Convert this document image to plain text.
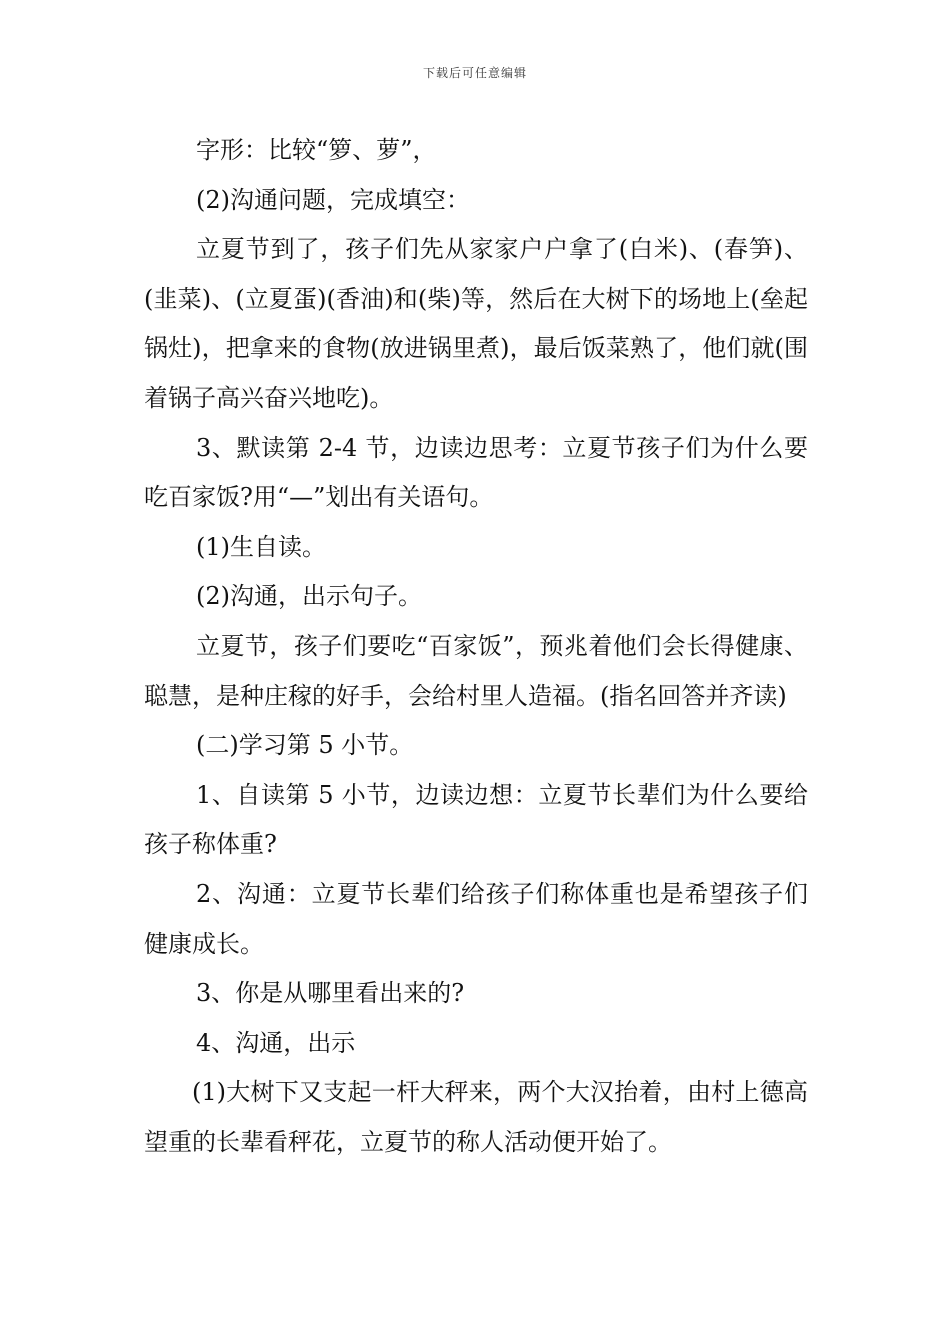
下载后可任意编辑

字形：比较“箩、萝”，

(2)沟通问题，完成填空：

立夏节到了，孩子们先从家家户户拿了(白米)、(春笋)、(韭菜)、(立夏蛋)(香油)和(柴)等，然后在大树下的场地上(垒起锅灶)，把拿来的食物(放进锅里煮)，最后饭菜熟了，他们就(围着锅子高兴奋兴地吃)。

3、默读第 2-4 节，边读边思考：立夏节孩子们为什么要吃百家饭?用“—”划出有关语句。

(1)生自读。

(2)沟通，出示句子。

立夏节，孩子们要吃“百家饭”，预兆着他们会长得健康、聪慧，是种庄稼的好手，会给村里人造福。(指名回答并齐读)

(二)学习第 5 小节。

1、自读第 5 小节，边读边想：立夏节长辈们为什么要给孩子称体重?

2、沟通：立夏节长辈们给孩子们称体重也是希望孩子们健康成长。

3、你是从哪里看出来的?

4、沟通，出示

(1)大树下又支起一杆大秤来，两个大汉抬着，由村上德高望重的长辈看秤花，立夏节的称人活动便开始了。
